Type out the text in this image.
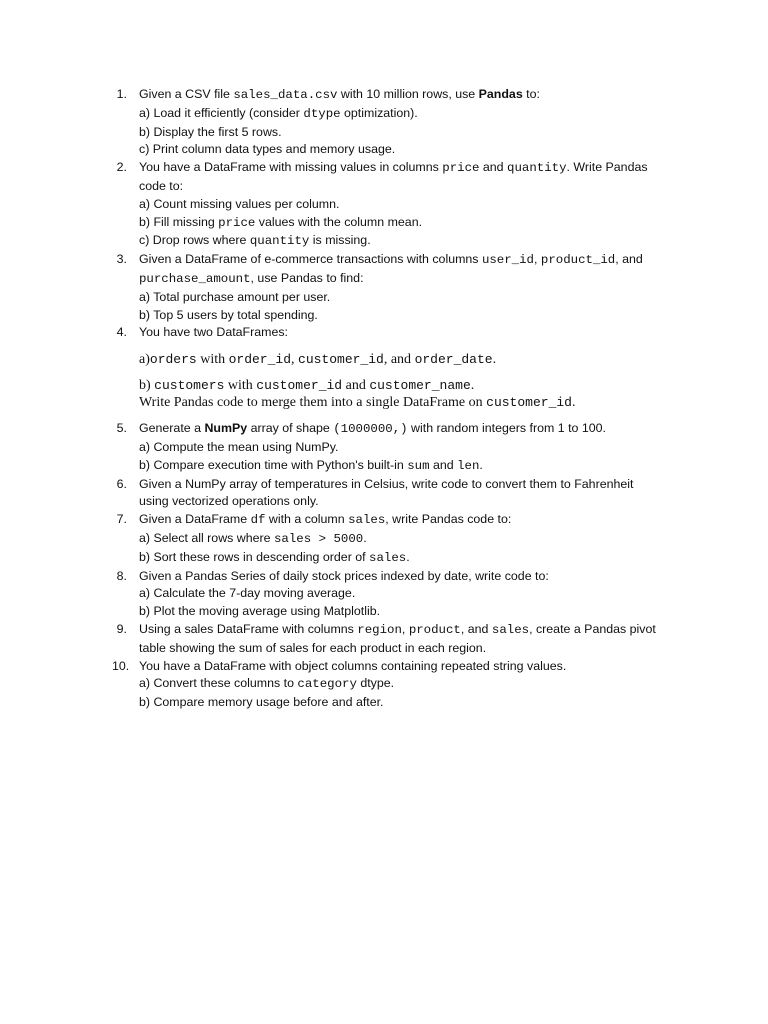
1. Given a CSV file sales_data.csv with 10 million rows, use Pandas to:
a) Load it efficiently (consider dtype optimization).
b) Display the first 5 rows.
c) Print column data types and memory usage.
2. You have a DataFrame with missing values in columns price and quantity. Write Pandas
code to:
a) Count missing values per column.
b) Fill missing price values with the column mean.
c) Drop rows where quantity is missing.
3. Given a DataFrame of e-commerce transactions with columns user_id, product_id, and
purchase_amount, use Pandas to find:
a) Total purchase amount per user.
b) Top 5 users by total spending.
4. You have two DataFrames:
a)orders with order_id, customer_id, and order_date.
b) customers with customer_id and customer_name.
Write Pandas code to merge them into a single DataFrame on customer_id.
5. Generate a NumPy array of shape (1000000,) with random integers from 1 to 100.
a) Compute the mean using NumPy.
b) Compare execution time with Python's built-in sum and len.
6. Given a NumPy array of temperatures in Celsius, write code to convert them to Fahrenheit
using vectorized operations only.
7. Given a DataFrame df with a column sales, write Pandas code to:
a) Select all rows where sales > 5000.
b) Sort these rows in descending order of sales.
8. Given a Pandas Series of daily stock prices indexed by date, write code to:
a) Calculate the 7-day moving average.
b) Plot the moving average using Matplotlib.
9. Using a sales DataFrame with columns region, product, and sales, create a Pandas pivot
table showing the sum of sales for each product in each region.
10. You have a DataFrame with object columns containing repeated string values.
a) Convert these columns to category dtype.
b) Compare memory usage before and after.
